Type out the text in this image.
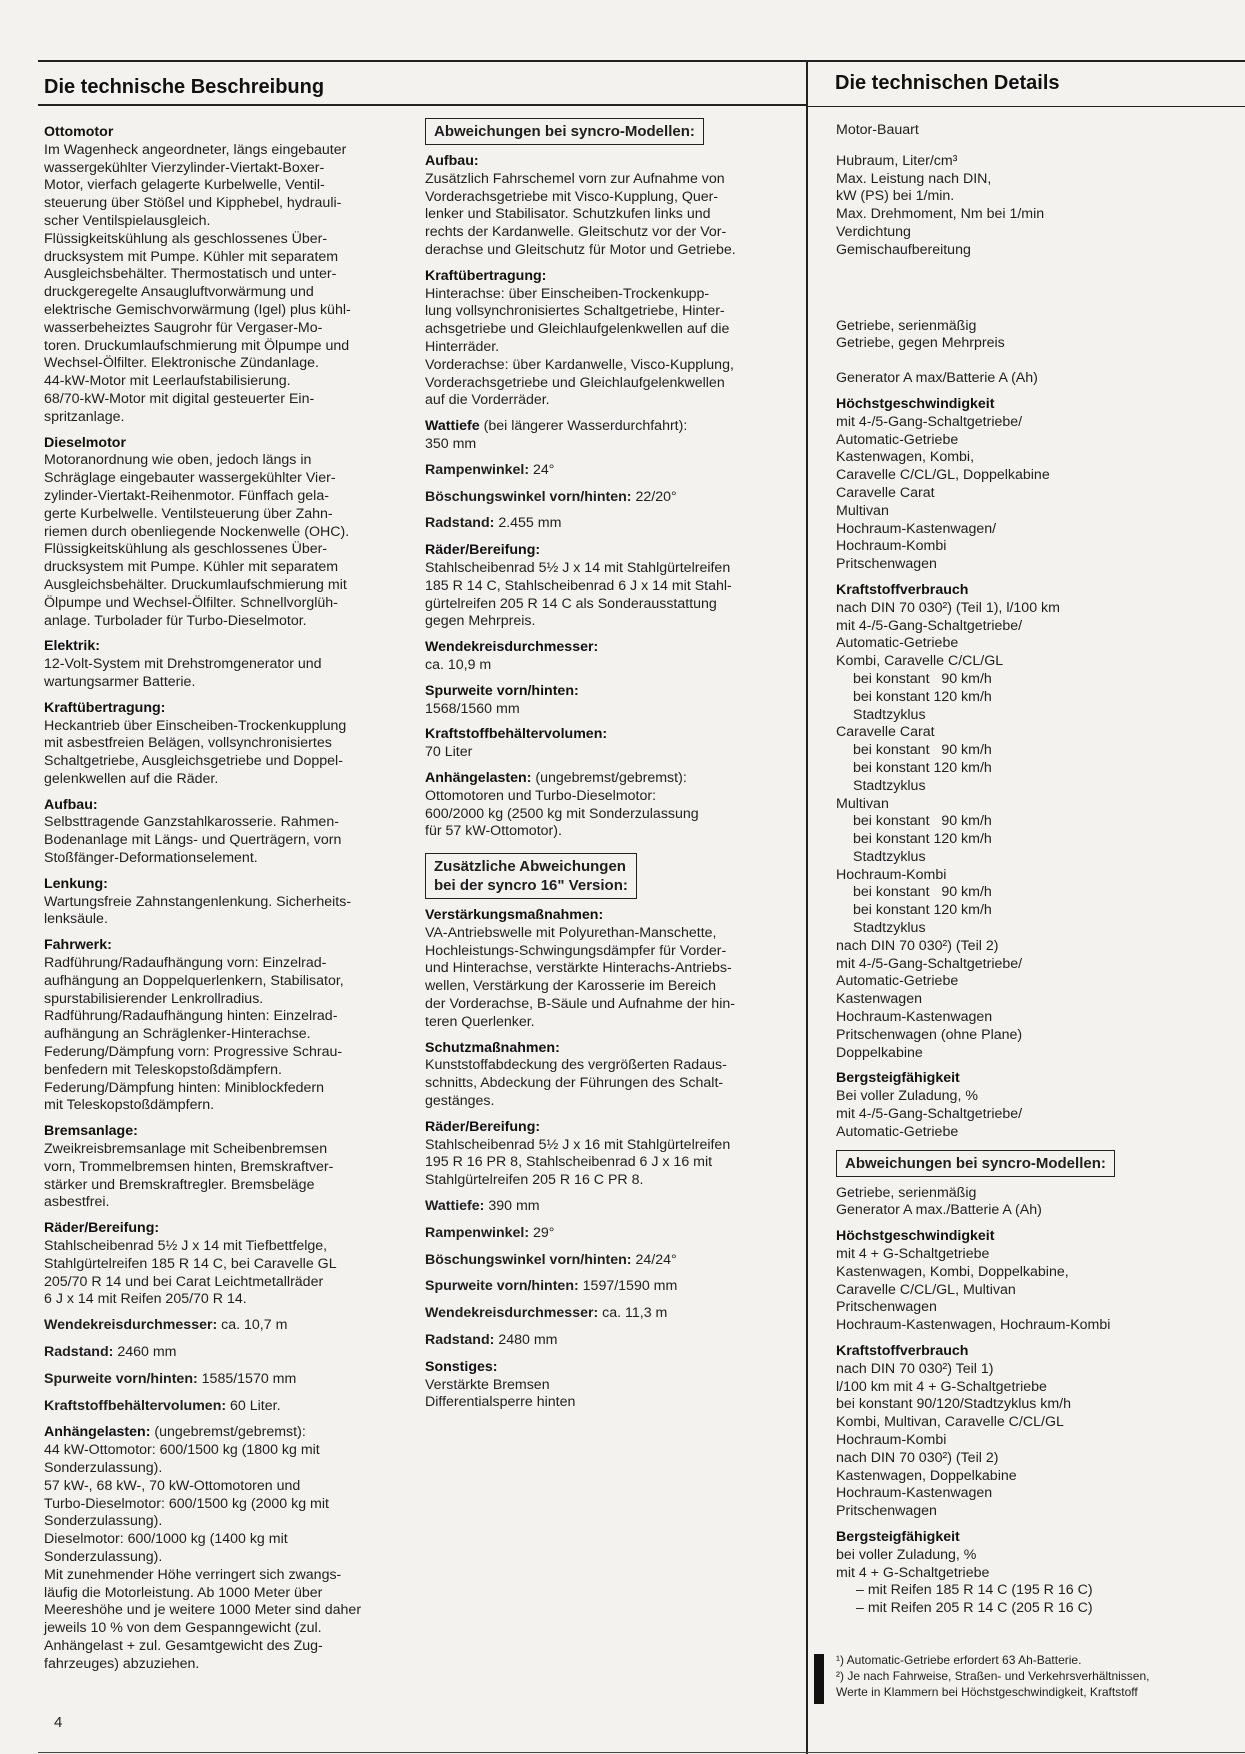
Die technische Beschreibung	Die technischen Details
Ottomotor
Im Wagenheck angeordneter, längs eingebauter
wassergekühlter Vierzylinder-Viertakt-Boxer-
Motor, vierfach gelagerte Kurbelwelle, Ventil-
steuerung über Stößel und Kipphebel, hydrauli-
scher Ventilspielausgleich.
Flüssigkeitskühlung als geschlossenes Über-
drucksystem mit Pumpe. Kühler mit separatem
Ausgleichsbehälter. Thermostatisch und unter-
druckgeregelte Ansaugluftvorwärmung und
elektrische Gemischvorwärmung (Igel) plus kühl-
wasserbeheiztes Saugrohr für Vergaser-Mo-
toren. Druckumlaufschmierung mit Ölpumpe und
Wechsel-Ölfilter. Elektronische Zündanlage.
44-kW-Motor mit Leerlaufstabilisierung.
68/70-kW-Motor mit digital gesteuerter Ein-
spritzanlage.
Dieselmotor
Motoranordnung wie oben, jedoch längs in
Schräglage eingebauter wassergekühlter Vier-
zylinder-Viertakt-Reihenmotor. Fünffach gela-
gerte Kurbelwelle. Ventilsteuerung über Zahn-
riemen durch obenliegende Nockenwelle (OHC).
Flüssigkeitskühlung als geschlossenes Über-
drucksystem mit Pumpe. Kühler mit separatem
Ausgleichsbehälter. Druckumlaufschmierung mit
Ölpumpe und Wechsel-Ölfilter. Schnellvorglüh-
anlage. Turbolader für Turbo-Dieselmotor.
Elektrik:
12-Volt-System mit Drehstromgenerator und
wartungsarmer Batterie.
Kraftübertragung:
Heckantrieb über Einscheiben-Trockenkupplung
mit asbestfreien Belägen, vollsynchronisiertes
Schaltgetriebe, Ausgleichsgetriebe und Doppel-
gelenkwellen auf die Räder.
Aufbau:
Selbsttragende Ganzstahlkarosserie. Rahmen-
Bodenanlage mit Längs- und Querträgern, vorn
Stoßfänger-Deformationselement.
Lenkung:
Wartungsfreie Zahnstangenlenkung. Sicherheits-
lenksäule.
Fahrwerk:
Radführung/Radaufhängung vorn: Einzelrad-
aufhängung an Doppelquerlenkern, Stabilisator,
spurstabilisierender Lenkrollradius.
Radführung/Radaufhängung hinten: Einzelrad-
aufhängung an Schräglenker-Hinterachse.
Federung/Dämpfung vorn: Progressive Schrau-
benfedern mit Teleskopstoßdämpfern.
Federung/Dämpfung hinten: Miniblockfedern
mit Teleskopstoßdämpfern.
Bremsanlage:
Zweikreisbremsanlage mit Scheibenbremsen
vorn, Trommelbremsen hinten, Bremskraftver-
stärker und Bremskraftregler. Bremsbeläge
asbestfrei.
Räder/Bereifung:
Stahlscheibenrad 5½ J x 14 mit Tiefbettfelge,
Stahlgürtelreifen 185 R 14 C, bei Caravelle GL
205/70 R 14 und bei Carat Leichtmetallräder
6 J x 14 mit Reifen 205/70 R 14.
Wendekreisdurchmesser: ca. 10,7 m
Radstand: 2460 mm
Spurweite vorn/hinten: 1585/1570 mm
Kraftstoffbehältervolumen: 60 Liter.
Anhängelasten: (ungebremst/gebremst):
44 kW-Ottomotor: 600/1500 kg (1800 kg mit
Sonderzulassung).
57 kW-, 68 kW-, 70 kW-Ottomotoren und
Turbo-Dieselmotor: 600/1500 kg (2000 kg mit
Sonderzulassung).
Dieselmotor: 600/1000 kg (1400 kg mit
Sonderzulassung).
Mit zunehmender Höhe verringert sich zwangs-
läufig die Motorleistung. Ab 1000 Meter über
Meereshöhe und je weitere 1000 Meter sind daher
jeweils 10 % von dem Gespanngewicht (zul.
Anhängelast + zul. Gesamtgewicht des Zug-
fahrzeuges) abzuziehen.
Abweichungen bei syncro-Modellen:
Aufbau:
Zusätzlich Fahrschemel vorn zur Aufnahme von
Vorderachsgetriebe mit Visco-Kupplung, Quer-
lenker und Stabilisator. Schutzkufen links und
rechts der Kardanwelle. Gleitschutz vor der Vor-
derachse und Gleitschutz für Motor und Getriebe.
Kraftübertragung:
Hinterachse: über Einscheiben-Trockenkupp-
lung vollsynchronisiertes Schaltgetriebe, Hinter-
achsgetriebe und Gleichlaufgelenkwellen auf die
Hinterräder.
Vorderachse: über Kardanwelle, Visco-Kupplung,
Vorderachsgetriebe und Gleichlaufgelenkwellen
auf die Vorderräder.
Wattiefe (bei längerer Wasserdurchfahrt):
350 mm
Rampenwinkel: 24°
Böschungswinkel vorn/hinten: 22/20°
Radstand: 2.455 mm
Räder/Bereifung:
Stahlscheibenrad 5½ J x 14 mit Stahlgürtelreifen
185 R 14 C, Stahlscheibenrad 6 J x 14 mit Stahl-
gürtelreifen 205 R 14 C als Sonderausstattung
gegen Mehrpreis.
Wendekreisdurchmesser:
ca. 10,9 m
Spurweite vorn/hinten:
1568/1560 mm
Kraftstoffbehältervolumen:
70 Liter
Anhängelasten: (ungebremst/gebremst):
Ottomotoren und Turbo-Dieselmotor:
600/2000 kg (2500 kg mit Sonderzulassung
für 57 kW-Ottomotor).
Zusätzliche Abweichungen
bei der syncro 16" Version:
Verstärkungsmaßnahmen:
VA-Antriebswelle mit Polyurethan-Manschette,
Hochleistungs-Schwingungsdämpfer für Vorder-
und Hinterachse, verstärkte Hinterachs-Antriebs-
wellen, Verstärkung der Karosserie im Bereich
der Vorderachse, B-Säule und Aufnahme der hin-
teren Querlenker.
Schutzmaßnahmen:
Kunststoffabdeckung des vergrößerten Radaus-
schnitts, Abdeckung der Führungen des Schalt-
gestänges.
Räder/Bereifung:
Stahlscheibenrad 5½ J x 16 mit Stahlgürtelreifen
195 R 16 PR 8, Stahlscheibenrad 6 J x 16 mit
Stahlgürtelreifen 205 R 16 C PR 8.
Wattiefe: 390 mm
Rampenwinkel: 29°
Böschungswinkel vorn/hinten: 24/24°
Spurweite vorn/hinten: 1597/1590 mm
Wendekreisdurchmesser: ca. 11,3 m
Radstand: 2480 mm
Sonstiges:
Verstärkte Bremsen
Differentialsperre hinten
Motor-Bauart
Hubraum, Liter/cm³
Max. Leistung nach DIN,
kW (PS) bei 1/min.
Max. Drehmoment, Nm bei 1/min
Verdichtung
Gemischaufbereitung
Getriebe, serienmäßig
Getriebe, gegen Mehrpreis
Generator A max/Batterie A (Ah)
Höchstgeschwindigkeit
mit 4-/5-Gang-Schaltgetriebe/
Automatic-Getriebe
Kastenwagen, Kombi,
Caravelle C/CL/GL, Doppelkabine
Caravelle Carat
Multivan
Hochraum-Kastenwagen/
Hochraum-Kombi
Pritschenwagen
Kraftstoffverbrauch
nach DIN 70 030²) (Teil 1), l/100 km
mit 4-/5-Gang-Schaltgetriebe/
Automatic-Getriebe
Kombi, Caravelle C/CL/GL
bei konstant   90 km/h
bei konstant 120 km/h
Stadtzyklus
Caravelle Carat
bei konstant   90 km/h
bei konstant 120 km/h
Stadtzyklus
Multivan
bei konstant   90 km/h
bei konstant 120 km/h
Stadtzyklus
Hochraum-Kombi
bei konstant   90 km/h
bei konstant 120 km/h
Stadtzyklus
nach DIN 70 030²) (Teil 2)
mit 4-/5-Gang-Schaltgetriebe/
Automatic-Getriebe
Kastenwagen
Hochraum-Kastenwagen
Pritschenwagen (ohne Plane)
Doppelkabine
Bergsteigfähigkeit
Bei voller Zuladung, %
mit 4-/5-Gang-Schaltgetriebe/
Automatic-Getriebe
Abweichungen bei syncro-Modellen:
Getriebe, serienmäßig
Generator A max./Batterie A (Ah)
Höchstgeschwindigkeit
mit 4 + G-Schaltgetriebe
Kastenwagen, Kombi, Doppelkabine,
Caravelle C/CL/GL, Multivan
Pritschenwagen
Hochraum-Kastenwagen, Hochraum-Kombi
Kraftstoffverbrauch
nach DIN 70 030²) Teil 1)
l/100 km mit 4 + G-Schaltgetriebe
bei konstant 90/120/Stadtzyklus km/h
Kombi, Multivan, Caravelle C/CL/GL
Hochraum-Kombi
nach DIN 70 030²) (Teil 2)
Kastenwagen, Doppelkabine
Hochraum-Kastenwagen
Pritschenwagen
Bergsteigfähigkeit
bei voller Zuladung, %
mit 4 + G-Schaltgetriebe
– mit Reifen 185 R 14 C (195 R 16 C)
– mit Reifen 205 R 14 C (205 R 16 C)
¹) Automatic-Getriebe erfordert 63 Ah-Batterie.
²) Je nach Fahrweise, Straßen- und Verkehrsverhältnissen,
Werte in Klammern bei Höchstgeschwindigkeit, Kraftstoff
4
